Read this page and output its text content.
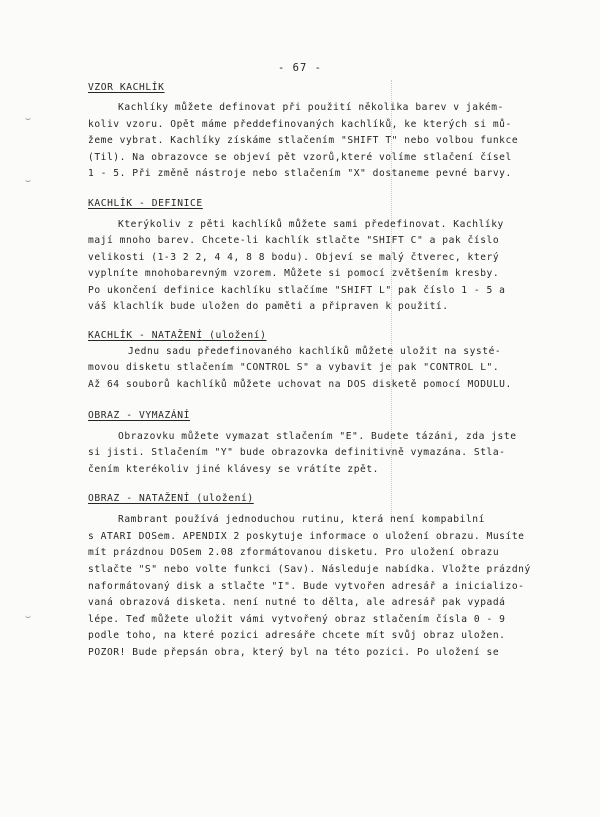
- 67 -
VZOR KACHLÍK
Kachlíky můžete definovat při použití několika barev v jakém-
koliv vzoru. Opět máme předdefinovaných kachlíků, ke kterých si mů-
žeme vybrat. Kachlíky získáme stlačením "SHIFT T" nebo volbou funkce
(Til). Na obrazovce se objeví pět vzorů,které volíme stlačení čísel
1 - 5. Při změně nástroje nebo stlačením "X" dostaneme pevné barvy.
KACHLÍK - DEFINICE
Kterýkoliv z pěti kachlíků můžete sami předefinovat. Kachlíky
mají mnoho barev. Chcete-li kachlík stlačte "SHIFT C" a pak číslo
velikosti (1-3 2 2, 4 4, 8 8 bodu). Objeví se malý čtverec, který
vyplníte mnohobarevným vzorem. Můžete si pomocí zvětšením kresby.
Po ukončení definice kachlíku stlačíme "SHIFT L" pak číslo 1 - 5 a
váš klachlík bude uložen do paměti a připraven k použití.
KACHLÍK - NATAŽENÍ (uložení)
Jednu sadu předefinovaného kachlíků můžete uložit na systé-
movou disketu stlačením "CONTROL S" a vybavit je pak "CONTROL L".
Až 64 souborů kachlíků můžete uchovat na DOS disketě pomocí MODULU.
OBRAZ - VYMAZÁNÍ
Obrazovku můžete vymazat stlačením "E". Budete tázáni, zda jste
si jisti. Stlačením "Y" bude obrazovka definitivně vymazána. Stla-
čením kterékoliv jiné klávesy se vrátíte zpět.
OBRAZ - NATAŽENÍ (uložení)
Rambrant používá jednoduchou rutinu, která není kompabilní
s ATARI DOSem. APENDIX 2 poskytuje informace o uložení obrazu. Musíte
mít prázdnou DOSem 2.08 zformátovanou disketu. Pro uložení obrazu
stlačte "S" nebo volte funkci (Sav). Následuje nabídka. Vložte prázdný
naformátovaný disk a stlačte "I". Bude vytvořen adresář a inicializo-
vaná obrazová disketa. není nutné to dělta, ale adresář pak vypadá
lépe. Teď můžete uložit vámi vytvořený obraz stlačením čísla 0 - 9
podle toho, na které pozici adresáře chcete mít svůj obraz uložen.
POZOR! Bude přepsán obra, který byl na této pozici. Po uložení se
